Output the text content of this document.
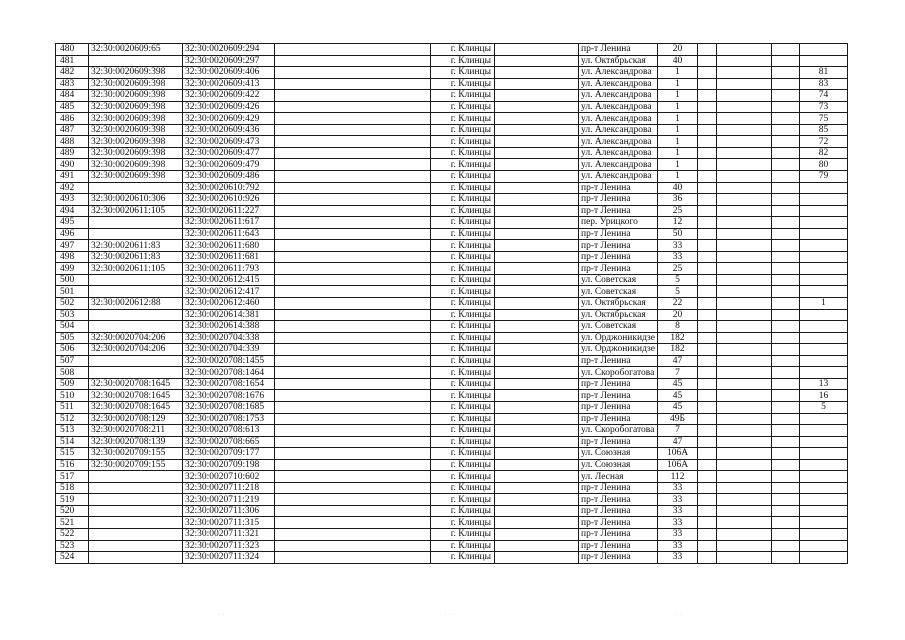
480	32:30:0020609:65	32:30:0020609:294		г. Клинцы		пр-т Ленина	20				
481		32:30:0020609:297		г. Клинцы		ул. Октябрьская	40				
482	32:30:0020609:398	32:30:0020609:406		г. Клинцы		ул. Александрова	1				81
483	32:30:0020609:398	32:30:0020609:413		г. Клинцы		ул. Александрова	1				83
484	32:30:0020609:398	32:30:0020609:422		г. Клинцы		ул. Александрова	1				74
485	32:30:0020609:398	32:30:0020609:426		г. Клинцы		ул. Александрова	1				73
486	32:30:0020609:398	32:30:0020609:429		г. Клинцы		ул. Александрова	1				75
487	32:30:0020609:398	32:30:0020609:436		г. Клинцы		ул. Александрова	1				85
488	32:30:0020609:398	32:30:0020609:473		г. Клинцы		ул. Александрова	1				72
489	32:30:0020609:398	32:30:0020609:477		г. Клинцы		ул. Александрова	1				82
490	32:30:0020609:398	32:30:0020609:479		г. Клинцы		ул. Александрова	1				80
491	32:30:0020609:398	32:30:0020609:486		г. Клинцы		ул. Александрова	1				79
492		32:30:0020610:792		г. Клинцы		пр-т Ленина	40				
493	32:30:0020610:306	32:30:0020610:926		г. Клинцы		пр-т Ленина	36				
494	32:30:0020611:105	32:30:0020611:227		г. Клинцы		пр-т Ленина	25				
495		32:30:0020611:617		г. Клинцы		пер. Урицкого	12				
496		32:30:0020611:643		г. Клинцы		пр-т Ленина	50				
497	32:30:0020611:83	32:30:0020611:680		г. Клинцы		пр-т Ленина	33				
498	32:30:0020611:83	32:30:0020611:681		г. Клинцы		пр-т Ленина	33				
499	32:30:0020611:105	32:30:0020611:793		г. Клинцы		пр-т Ленина	25				
500		32:30:0020612:415		г. Клинцы		ул. Советская	5				
501		32:30:0020612:417		г. Клинцы		ул. Советская	5				
502	32:30:0020612:88	32:30:0020612:460		г. Клинцы		ул. Октябрьская	22				1
503		32:30:0020614:381		г. Клинцы		ул. Октябрьская	20				
504		32:30:0020614:388		г. Клинцы		ул. Советская	8				
505	32:30:0020704:206	32:30:0020704:338		г. Клинцы		ул. Орджоникидзе	182				
506	32:30:0020704:206	32:30:0020704:339		г. Клинцы		ул. Орджоникидзе	182				
507		32:30:0020708:1455		г. Клинцы		пр-т Ленина	47				
508		32:30:0020708:1464		г. Клинцы		ул. Скоробогатова	7				
509	32:30:0020708:1645	32:30:0020708:1654		г. Клинцы		пр-т Ленина	45				13
510	32:30:0020708:1645	32:30:0020708:1676		г. Клинцы		пр-т Ленина	45				16
511	32:30:0020708:1645	32:30:0020708:1685		г. Клинцы		пр-т Ленина	45				5
512	32:30:0020708:129	32:30:0020708:1753		г. Клинцы		пр-т Ленина	49Б				
513	32:30:0020708:211	32:30:0020708:613		г. Клинцы		ул. Скоробогатова	7				
514	32:30:0020708:139	32:30:0020708:665		г. Клинцы		пр-т Ленина	47				
515	32:30:0020709:155	32:30:0020709:177		г. Клинцы		ул. Союзная	106А				
516	32:30:0020709:155	32:30:0020709:198		г. Клинцы		ул. Союзная	106А				
517		32:30:0020710:602		г. Клинцы		ул. Лесная	112				
518		32:30:0020711:218		г. Клинцы		пр-т Ленина	33				
519		32:30:0020711:219		г. Клинцы		пр-т Ленина	33				
520		32:30:0020711:306		г. Клинцы		пр-т Ленина	33				
521		32:30:0020711:315		г. Клинцы		пр-т Ленина	33				
522		32:30:0020711:321		г. Клинцы		пр-т Ленина	33				
523		32:30:0020711:323		г. Клинцы		пр-т Ленина	33				
524		32:30:0020711:324		г. Клинцы		пр-т Ленина	33				
· ·	· ·	· ·
